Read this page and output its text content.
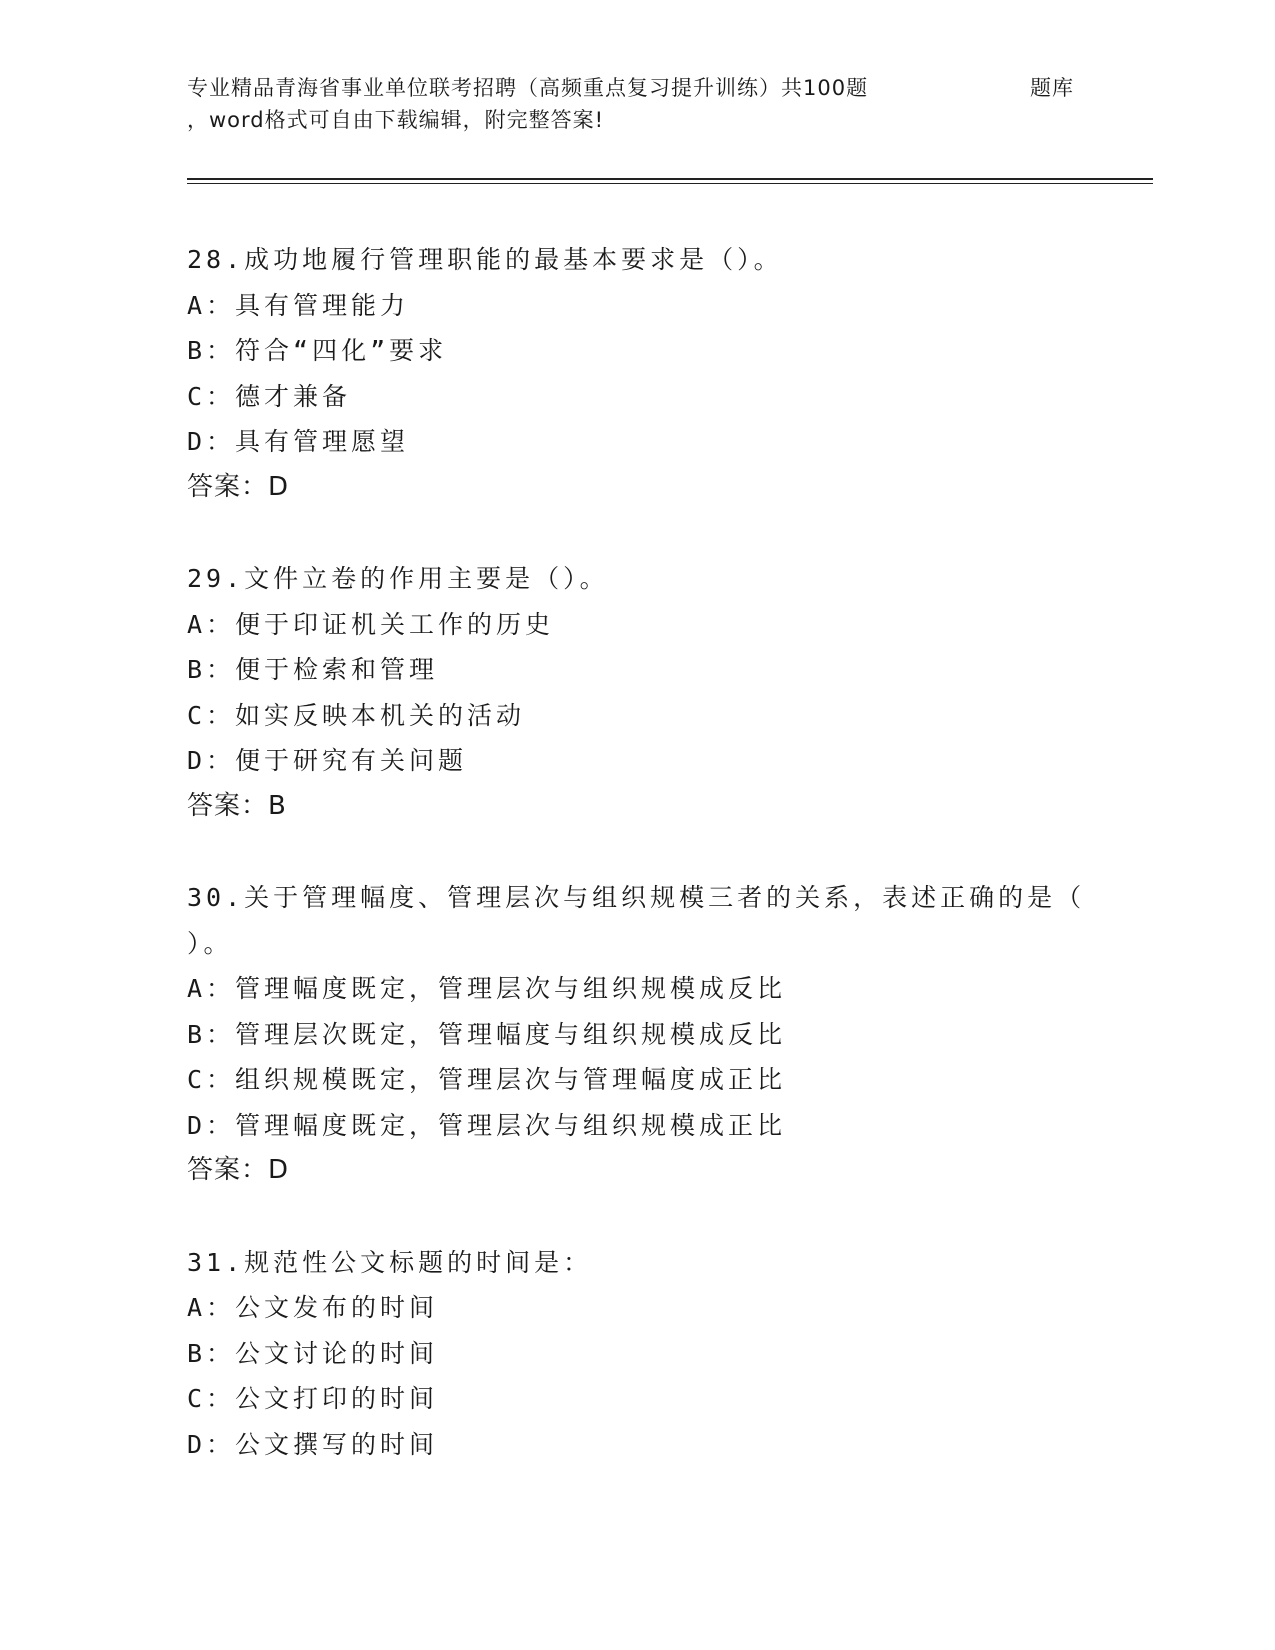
专业精品青海省事业单位联考招聘（高频重点复习提升训练）共100题	题库
，word格式可自由下载编辑，附完整答案!
28.成功地履行管理职能的最基本要求是（）。
A：具有管理能力
B：符合“四化”要求
C：德才兼备
D：具有管理愿望
答案：D
29.文件立卷的作用主要是（）。
A：便于印证机关工作的历史
B：便于检索和管理
C：如实反映本机关的活动
D：便于研究有关问题
答案：B
30.关于管理幅度、管理层次与组织规模三者的关系，表述正确的是（
）。
A：管理幅度既定，管理层次与组织规模成反比
B：管理层次既定，管理幅度与组织规模成反比
C：组织规模既定，管理层次与管理幅度成正比
D：管理幅度既定，管理层次与组织规模成正比
答案：D
31.规范性公文标题的时间是：
A：公文发布的时间
B：公文讨论的时间
C：公文打印的时间
D：公文撰写的时间
